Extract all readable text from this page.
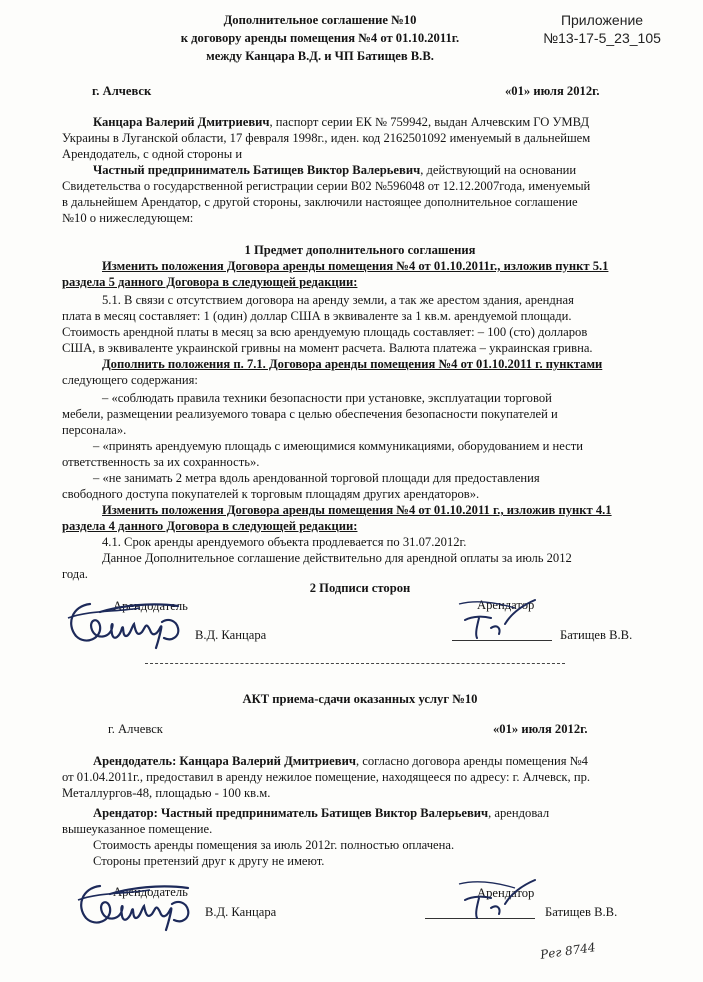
Дополнительное соглашение №10
к договору аренды помещения №4 от 01.10.2011г.
между Канцара В.Д. и ЧП Батищев В.В.
Приложение
№13-17-5_23_105
г. Алчевск	«01» июля 2012г.
Канцара Валерий Дмитриевич, паспорт серии ЕК № 759942, выдан Алчевским ГО УМВД
Украины в Луганской области, 17 февраля 1998г., иден. код 2162501092 именуемый в дальнейшем
Арендодатель, с одной стороны и
Частный предприниматель Батищев Виктор Валерьевич, действующий на основании
Свидетельства о государственной регистрации серии В02 №596048 от 12.12.2007года, именуемый
в дальнейшем Арендатор, с другой стороны, заключили настоящее дополнительное соглашение
№10 о нижеследующем:
1 Предмет дополнительного соглашения
Изменить положения Договора аренды помещения №4 от 01.10.2011г., изложив пункт 5.1
раздела 5 данного Договора в следующей редакции:
5.1. В связи с отсутствием договора на аренду земли, а так же арестом здания, арендная
плата в месяц составляет: 1 (один) доллар США в эквиваленте за 1 кв.м. арендуемой площади.
Стоимость арендной платы в месяц за всю арендуемую площадь составляет: – 100 (сто) долларов
США, в эквиваленте украинской гривны на момент расчета. Валюта платежа – украинская гривна.
Дополнить положения п. 7.1. Договора аренды помещения №4 от 01.10.2011 г. пунктами
следующего содержания:
– «соблюдать правила техники безопасности при установке, эксплуатации торговой
мебели, размещении реализуемого товара с целью обеспечения безопасности покупателей и
персонала».
– «принять арендуемую площадь с имеющимися коммуникациями, оборудованием и нести
ответственность за их сохранность».
– «не занимать 2 метра вдоль арендованной торговой площади для предоставления
свободного доступа покупателей к торговым площадям других арендаторов».
Изменить положения Договора аренды помещения №4 от 01.10.2011 г., изложив пункт 4.1
раздела 4 данного Договора в следующей редакции:
4.1. Срок аренды арендуемого объекта продлевается по 31.07.2012г.
Данное Дополнительное соглашение действительно для арендной оплаты за июль 2012
года.
2 Подписи сторон
Арендодатель
В.Д. Канцара
Арендатор
Батищев В.В.
АКТ приема-сдачи оказанных услуг №10
г. Алчевск	«01» июля 2012г.
Арендодатель: Канцара Валерий Дмитриевич, согласно договора аренды помещения №4
от 01.04.2011г., предоставил в аренду нежилое помещение, находящееся по адресу: г. Алчевск, пр.
Металлургов-48, площадью - 100 кв.м.
Арендатор: Частный предприниматель Батищев Виктор Валерьевич, арендовал
вышеуказанное помещение.
Стоимость аренды помещения за июль 2012г. полностью оплачена.
Стороны претензий друг к другу не имеют.
Арендодатель
В.Д. Канцара
Арендатор
Батищев В.В.
Рег 8744
